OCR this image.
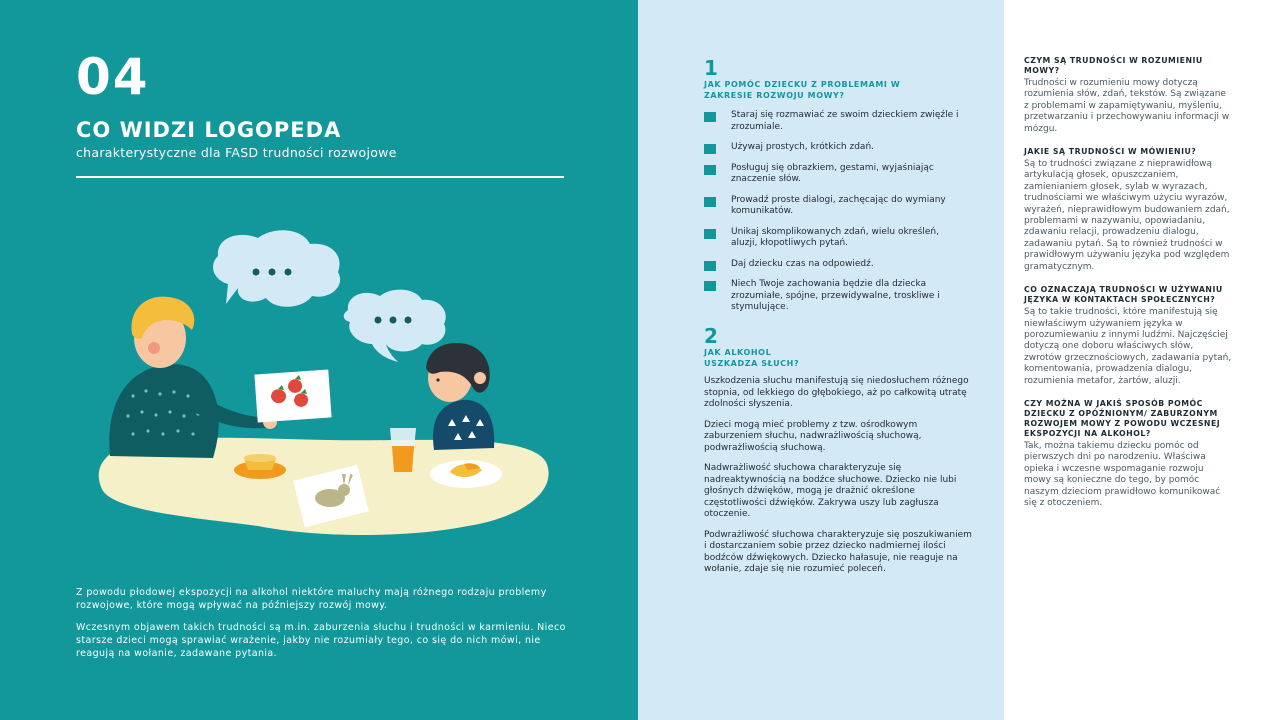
04
CO WIDZI LOGOPEDA
charakterystyczne dla FASD trudności rozwojowe

Z powodu płodowej ekspozycji na alkohol niektóre maluchy mają różnego rodzaju problemy rozwojowe, które mogą wpływać na późniejszy rozwój mowy.

Wczesnym objawem takich trudności są m.in. zaburzenia słuchu i trudności w karmieniu. Nieco starsze dzieci mogą sprawiać wrażenie, jakby nie rozumiały tego, co się do nich mówi, nie reagują na wołanie, zadawane pytania.

1
JAK POMÓC DZIECKU Z PROBLEMAMI W ZAKRESIE ROZWOJU MOWY?
Staraj się rozmawiać ze swoim dzieckiem zwięźle i zrozumiale.
Używaj prostych, krótkich zdań.
Posługuj się obrazkiem, gestami, wyjaśniając znaczenie słów.
Prowadź proste dialogi, zachęcając do wymiany komunikatów.
Unikaj skomplikowanych zdań, wielu określeń, aluzji, kłopotliwych pytań.
Daj dziecku czas na odpowiedź.
Niech Twoje zachowania będzie dla dziecka zrozumiałe, spójne, przewidywalne, troskliwe i stymulujące.
2
JAK ALKOHOL USZKADZA SŁUCH?

Uszkodzenia słuchu manifestują się niedosłuchem różnego stopnia, od lekkiego do głębokiego, aż po całkowitą utratę zdolności słyszenia.

Dzieci mogą mieć problemy z tzw. ośrodkowym zaburzeniem słuchu, nadwrażliwością słuchową, podwrażliwością słuchową.

Nadwrażliwość słuchowa charakteryzuje się nadreaktywnością na bodźce słuchowe. Dziecko nie lubi głośnych dźwięków, mogą je drażnić określone częstotliwości dźwięków. Zakrywa uszy lub zagłusza otoczenie.

Podwrażliwość słuchowa charakteryzuje się poszukiwaniem i dostarczaniem sobie przez dziecko nadmiernej ilości bodźców dźwiękowych. Dziecko hałasuje, nie reaguje na wołanie, zdaje się nie rozumieć poleceń.

CZYM SĄ TRUDNOŚCI W ROZUMIENIU MOWY?
Trudności w rozumieniu mowy dotyczą rozumienia słów, zdań, tekstów. Są związane z problemami w zapamiętywaniu, myśleniu, przetwarzaniu i przechowywaniu informacji w mózgu.
JAKIE SĄ TRUDNOŚCI W MÓWIENIU?
Są to trudności związane z nieprawidłową artykulacją głosek, opuszczaniem, zamienianiem głosek, sylab w wyrazach, trudnościami we właściwym użyciu wyrazów, wyrażeń, nieprawidłowym budowaniem zdań, problemami w nazywaniu, opowiadaniu, zdawaniu relacji, prowadzeniu dialogu, zadawaniu pytań. Są to również trudności w prawidłowym używaniu języka pod względem gramatycznym.
CO OZNACZAJĄ TRUDNOŚCI W UŻYWANIU JĘZYKA W KONTAKTACH SPOŁECZNYCH?
Są to takie trudności, które manifestują się niewłaściwym używaniem języka w porozumiewaniu z innymi ludźmi. Najczęściej dotyczą one doboru właściwych słów, zwrotów grzecznościowych, zadawania pytań, komentowania, prowadzenia dialogu, rozumienia metafor, żartów, aluzji.
CZY MOŻNA W JAKIŚ SPOSÓB POMÓC DZIECKU Z OPÓŹNIONYM/ ZABURZONYM ROZWOJEM MOWY Z POWODU WCZESNEJ EKSPOZYCJI NA ALKOHOL?
Tak, można takiemu dziecku pomóc od pierwszych dni po narodzeniu. Właściwa opieka i wczesne wspomaganie rozwoju mowy są konieczne do tego, by pomóc naszym dzieciom prawidłowo komunikować się z otoczeniem.
